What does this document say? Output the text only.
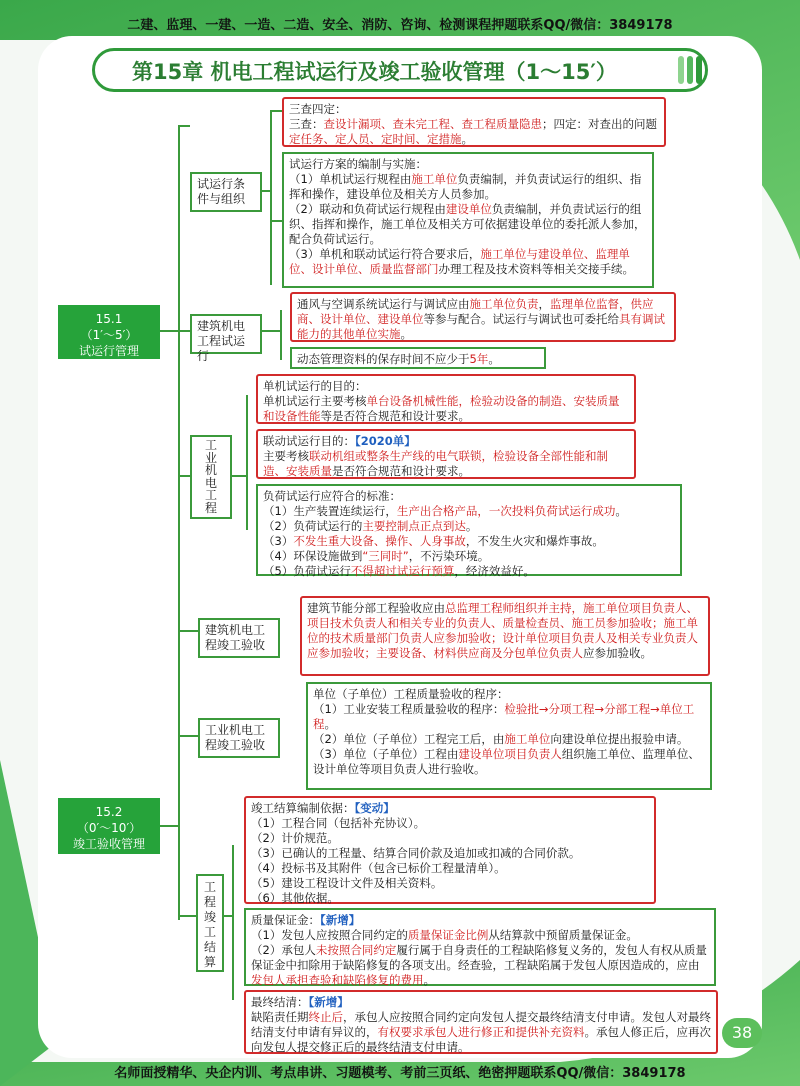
二建、监理、一建、一造、二造、安全、消防、咨询、检测课程押题联系QQ/微信：3849178
第15章 机电工程试运行及竣工验收管理（1～15′）
15.1
（1′～5′）
试运行管理
15.2
（0′～10′）
竣工验收管理
试运行条件与组织
建筑机电工程试运行
工
业
机
电
工
程
建筑机电工程竣工验收
工业机电工程竣工验收
工
程
竣
工
结
算
三查四定：
三查：查设计漏项、查未完工程、查工程质量隐患；四定：对查出的问题定任务、定人员、定时间、定措施。
试运行方案的编制与实施：
（1）单机试运行规程由施工单位负责编制，并负责试运行的组织、指挥和操作，建设单位及相关方人员参加。
（2）联动和负荷试运行规程由建设单位负责编制，并负责试运行的组织、指挥和操作，施工单位及相关方可依据建设单位的委托派人参加，配合负荷试运行。
（3）单机和联动试运行符合要求后，施工单位与建设单位、监理单位、设计单位、质量监督部门办理工程及技术资料等相关交接手续。
通风与空调系统试运行与调试应由施工单位负责，监理单位监督，供应商、设计单位、建设单位等参与配合。试运行与调试也可委托给具有调试能力的其他单位实施。
动态管理资料的保存时间不应少于5年。
单机试运行的目的：
单机试运行主要考核单台设备机械性能，检验动设备的制造、安装质量和设备性能等是否符合规范和设计要求。
联动试运行目的：【2020单】
主要考核联动机组或整条生产线的电气联锁，检验设备全部性能和制造、安装质量是否符合规范和设计要求。
负荷试运行应符合的标准：
（1）生产装置连续运行，生产出合格产品，一次投料负荷试运行成功。
（2）负荷试运行的主要控制点正点到达。
（3）不发生重大设备、操作、人身事故，不发生火灾和爆炸事故。
（4）环保设施做到“三同时”，不污染环境。
（5）负荷试运行不得超过试运行预算，经济效益好。
建筑节能分部工程验收应由总监理工程师组织并主持，施工单位项目负责人、项目技术负责人和相关专业的负责人、质量检查员、施工员参加验收；施工单位的技术质量部门负责人应参加验收；设计单位项目负责人及相关专业负责人应参加验收；主要设备、材料供应商及分包单位负责人应参加验收。
单位（子单位）工程质量验收的程序：
（1）工业安装工程质量验收的程序：检验批→分项工程→分部工程→单位工程。
（2）单位（子单位）工程完工后，由施工单位向建设单位提出报验申请。
（3）单位（子单位）工程由建设单位项目负责人组织施工单位、监理单位、设计单位等项目负责人进行验收。
竣工结算编制依据：【变动】
（1）工程合同（包括补充协议）。
（2）计价规范。
（3）已确认的工程量、结算合同价款及追加或扣减的合同价款。
（4）投标书及其附件（包含已标价工程量清单）。
（5）建设工程设计文件及相关资料。
（6）其他依据。
质量保证金：【新增】
（1）发包人应按照合同约定的质量保证金比例从结算款中预留质量保证金。
（2）承包人未按照合同约定履行属于自身责任的工程缺陷修复义务的，发包人有权从质量保证金中扣除用于缺陷修复的各项支出。经查验，工程缺陷属于发包人原因造成的，应由发包人承担查验和缺陷修复的费用。
最终结清：【新增】
缺陷责任期终止后，承包人应按照合同约定向发包人提交最终结清支付申请。发包人对最终结清支付申请有异议的，有权要求承包人进行修正和提供补充资料。承包人修正后，应再次向发包人提交修正后的最终结清支付申请。
38
名师面授精华、央企内训、考点串讲、习题模考、考前三页纸、绝密押题联系QQ/微信：3849178
